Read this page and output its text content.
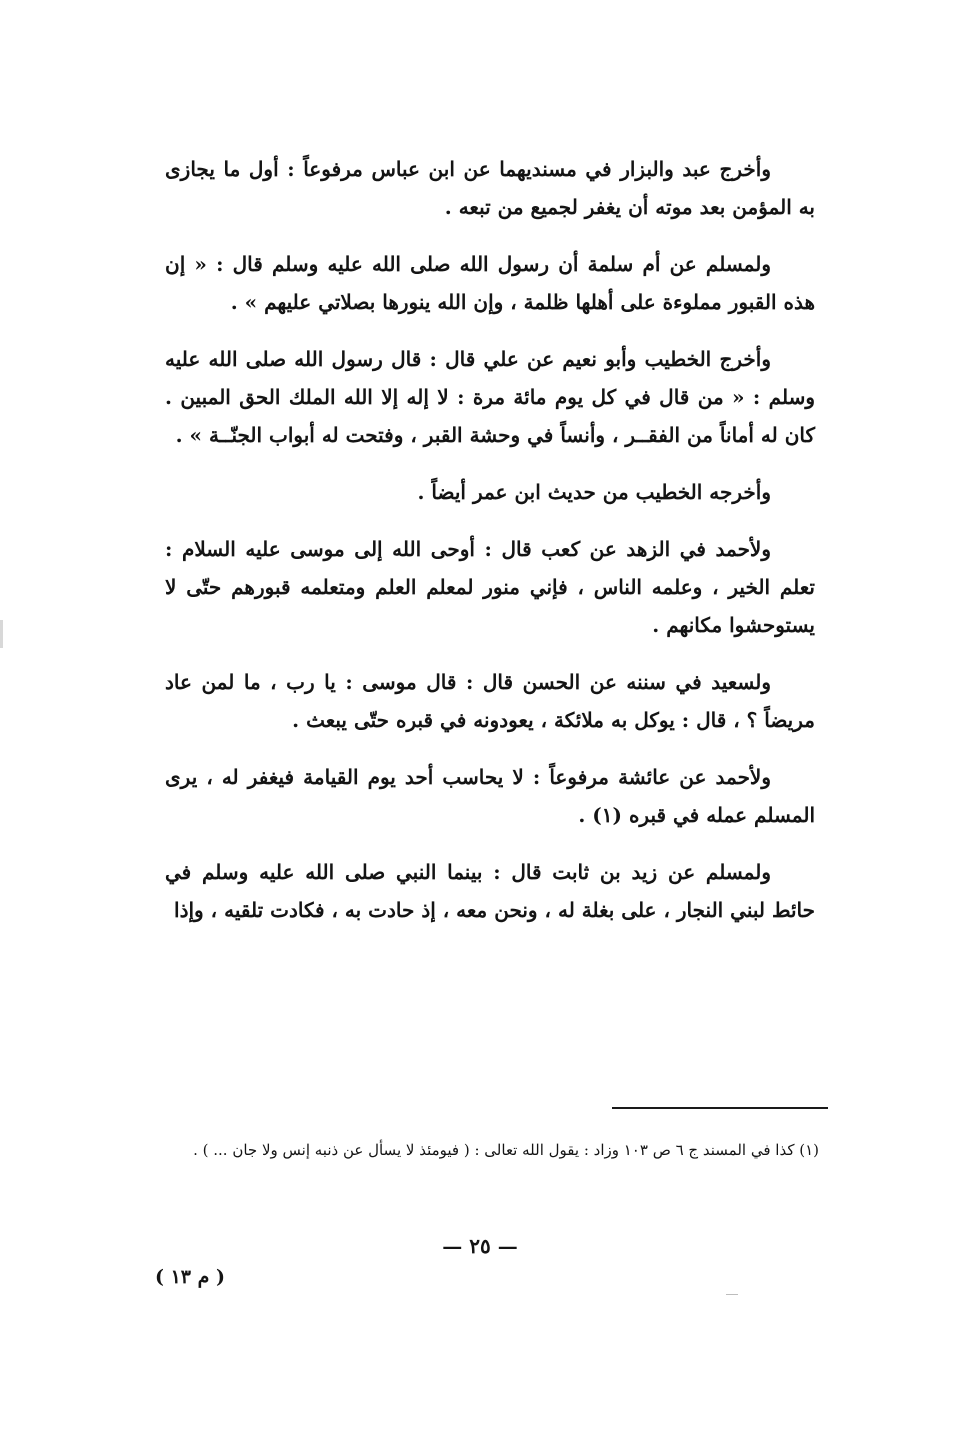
وأخرج عبد والبزار في مسنديهما عن ابن عباس مرفوعاً : أول ما يجازى به المؤمن بعد موته أن يغفر لجميع من تبعه .

ولمسلم عن أم سلمة أن رسول الله صلى الله عليه وسلم قال : « إن هذه القبور مملوءة على أهلها ظلمة ، وإن الله ينورها بصلاتي عليهم » .

وأخرج الخطيب وأبو نعيم عن علي قال : قال رسول الله صلى الله عليه وسلم : « من قال في كل يوم مائة مرة : لا إله إلا الله الملك الحق المبين . كان له أماناً من الفقــر ، وأنساً في وحشة القبر ، وفتحت له أبواب الجنّــة » .

وأخرجه الخطيب من حديث ابن عمر أيضاً .

ولأحمد في الزهد عن كعب قال : أوحى الله إلى موسى عليه السلام : تعلم الخير ، وعلمه الناس ، فإني منور لمعلم العلم ومتعلمه قبورهم حتّى لا يستوحشوا مكانهم .

ولسعيد في سننه عن الحسن قال : قال موسى : يا رب ، ما لمن عاد مريضاً ؟ ، قال : يوكل به ملائكة ، يعودونه في قبره حتّى يبعث .

ولأحمد عن عائشة مرفوعاً : لا يحاسب أحد يوم القيامة فيغفر له ، يرى المسلم عمله في قبره (١) .

ولمسلم عن زيد بن ثابت قال : بينما النبي صلى الله عليه وسلم في حائط لبني النجار ، على بغلة له ، ونحن معه ، إذ حادت به ، فكادت تلقيه ، وإذا

(١) كذا في المسند ج ٦ ص ١٠٣ وزاد : يقول الله تعالى : ( فيومئذ لا يسأل عن ذنبه إنس ولا جان ... ) .
— ٢٥ —
( م ١٣ )
